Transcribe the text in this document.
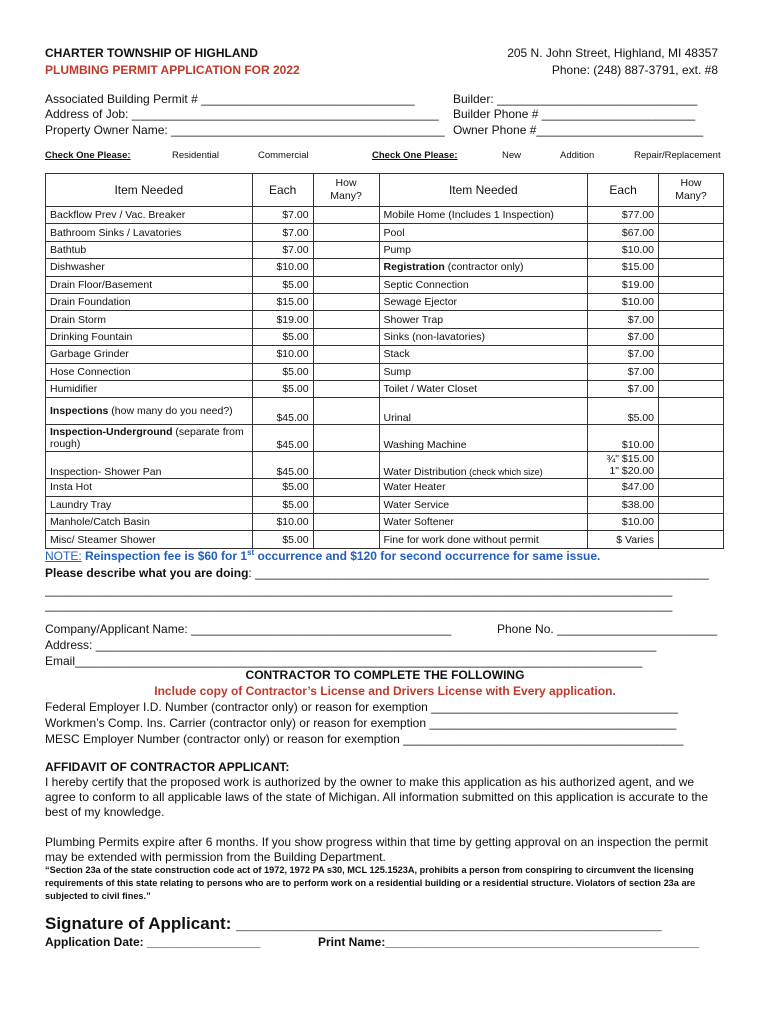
CHARTER TOWNSHIP OF HIGHLAND
PLUMBING PERMIT APPLICATION FOR 2022
205 N. John Street, Highland, MI 48357
Phone: (248) 887-3791, ext. #8
Associated Building Permit # ________________________________
Address of Job: ______________________________________________
Property Owner Name: _________________________________________
Builder: ______________________________
Builder Phone # _______________________
Owner Phone #_________________________
Check One Please:	Residential	Commercial	Check One Please:	New	Addition	Repair/Replacement
Item Needed	Each	How
Many?	Item Needed	Each	How
Many?
Backflow Prev / Vac. Breaker	$7.00		Mobile Home (Includes 1 Inspection)	$77.00	
Bathroom Sinks / Lavatories	$7.00		Pool	$67.00	
Bathtub	$7.00		Pump	$10.00	
Dishwasher	$10.00		Registration (contractor only)	$15.00	
Drain Floor/Basement	$5.00		Septic Connection	$19.00	
Drain Foundation	$15.00		Sewage Ejector	$10.00	
Drain Storm	$19.00		Shower Trap	$7.00	
Drinking Fountain	$5.00		Sinks (non-lavatories)	$7.00	
Garbage Grinder	$10.00		Stack	$7.00	
Hose Connection	$5.00		Sump	$7.00	
Humidifier	$5.00		Toilet / Water Closet	$7.00	
Inspections (how many do you need?)	$45.00		Urinal	$5.00	
Inspection-Underground (separate from rough)	$45.00		Washing Machine	$10.00	
Inspection- Shower Pan	$45.00		Water Distribution (check which size)	¾" $15.00
1" $20.00	
Insta Hot	$5.00		Water Heater	$47.00	
Laundry Tray	$5.00		Water Service	$38.00	
Manhole/Catch Basin	$10.00		Water Softener	$10.00	
Misc/ Steamer Shower	$5.00		Fine for work done without permit	$ Varies	
NOTE: Reinspection fee is $60 for 1st occurrence and $120 for second occurrence for same issue.
Please describe what you are doing: ____________________________________________________________________
______________________________________________________________________________________________
______________________________________________________________________________________________
Company/Applicant Name: _______________________________________	Phone No. ________________________
Address: ____________________________________________________________________________________
Email_____________________________________________________________________________________
CONTRACTOR TO COMPLETE THE FOLLOWING
Include copy of Contractor’s License and Drivers License with Every application.
Federal Employer I.D. Number (contractor only) or reason for exemption _____________________________________
Workmen’s Comp. Ins. Carrier (contractor only) or reason for exemption _____________________________________
MESC Employer Number (contractor only) or reason for exemption __________________________________________
AFFIDAVIT OF CONTRACTOR APPLICANT:
I hereby certify that the proposed work is authorized by the owner to make this application as his authorized agent, and we agree to conform to all applicable laws of the state of Michigan. All information submitted on this application is accurate to the best of my knowledge.
Plumbing Permits expire after 6 months. If you show progress within that time by getting approval on an inspection the permit may be extended with permission from the Building Department.
“Section 23a of the state construction code act of 1972, 1972 PA s30, MCL 125.1523A, prohibits a person from conspiring to circumvent the licensing requirements of this state relating to persons who are to perform work on a residential building or a residential structure. Violators of section 23a are subjected to civil fines.”
Signature of Applicant: _____________________________________________
Application Date: _________________	Print Name:_______________________________________________
